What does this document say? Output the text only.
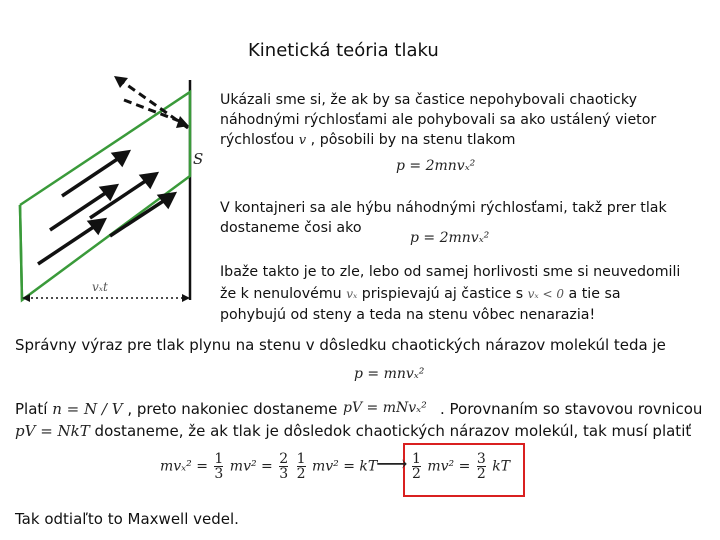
Kinetická teória tlaku
S
vₓt
Ukázali sme si, že ak by sa častice nepohybovali chaoticky
náhodnými rýchlosťami ale pohybovali sa ako ustálený vietor
rýchlosťou v , pôsobili by na stenu tlakom
p = 2mnvₓ²
V kontajneri sa ale hýbu náhodnými rýchlosťami, takž prer tlak
dostaneme čosi ako
p = 2mnvₓ²
Ibaže takto je to zle, lebo od samej horlivosti sme si neuvedomili
že k nenulovému vₓ prispievajú aj častice s vₓ < 0 a tie sa
pohybujú od steny a teda na stenu vôbec nenarazia!
Správny výraz pre tlak plynu na stenu v dôsledku chaotických nárazov molekúl teda je
p = mnvₓ²
Platí n = N / V , preto nakoniec dostaneme pV = mNvₓ² . Porovnaním so stavovou rovnicou
pV = NkT dostaneme, že ak tlak je dôsledok chaotických nárazov molekúl, tak musí platiť
$mv_x^2 = \frac{1}{3} mv^2 = \frac{2}{3}$
$\frac{1}{2} mv^2$ = kT
⟶ $\frac{1}{2} mv^2 = \frac{3}{2}$ kT
Tak odtiaľto to Maxwell vedel.
